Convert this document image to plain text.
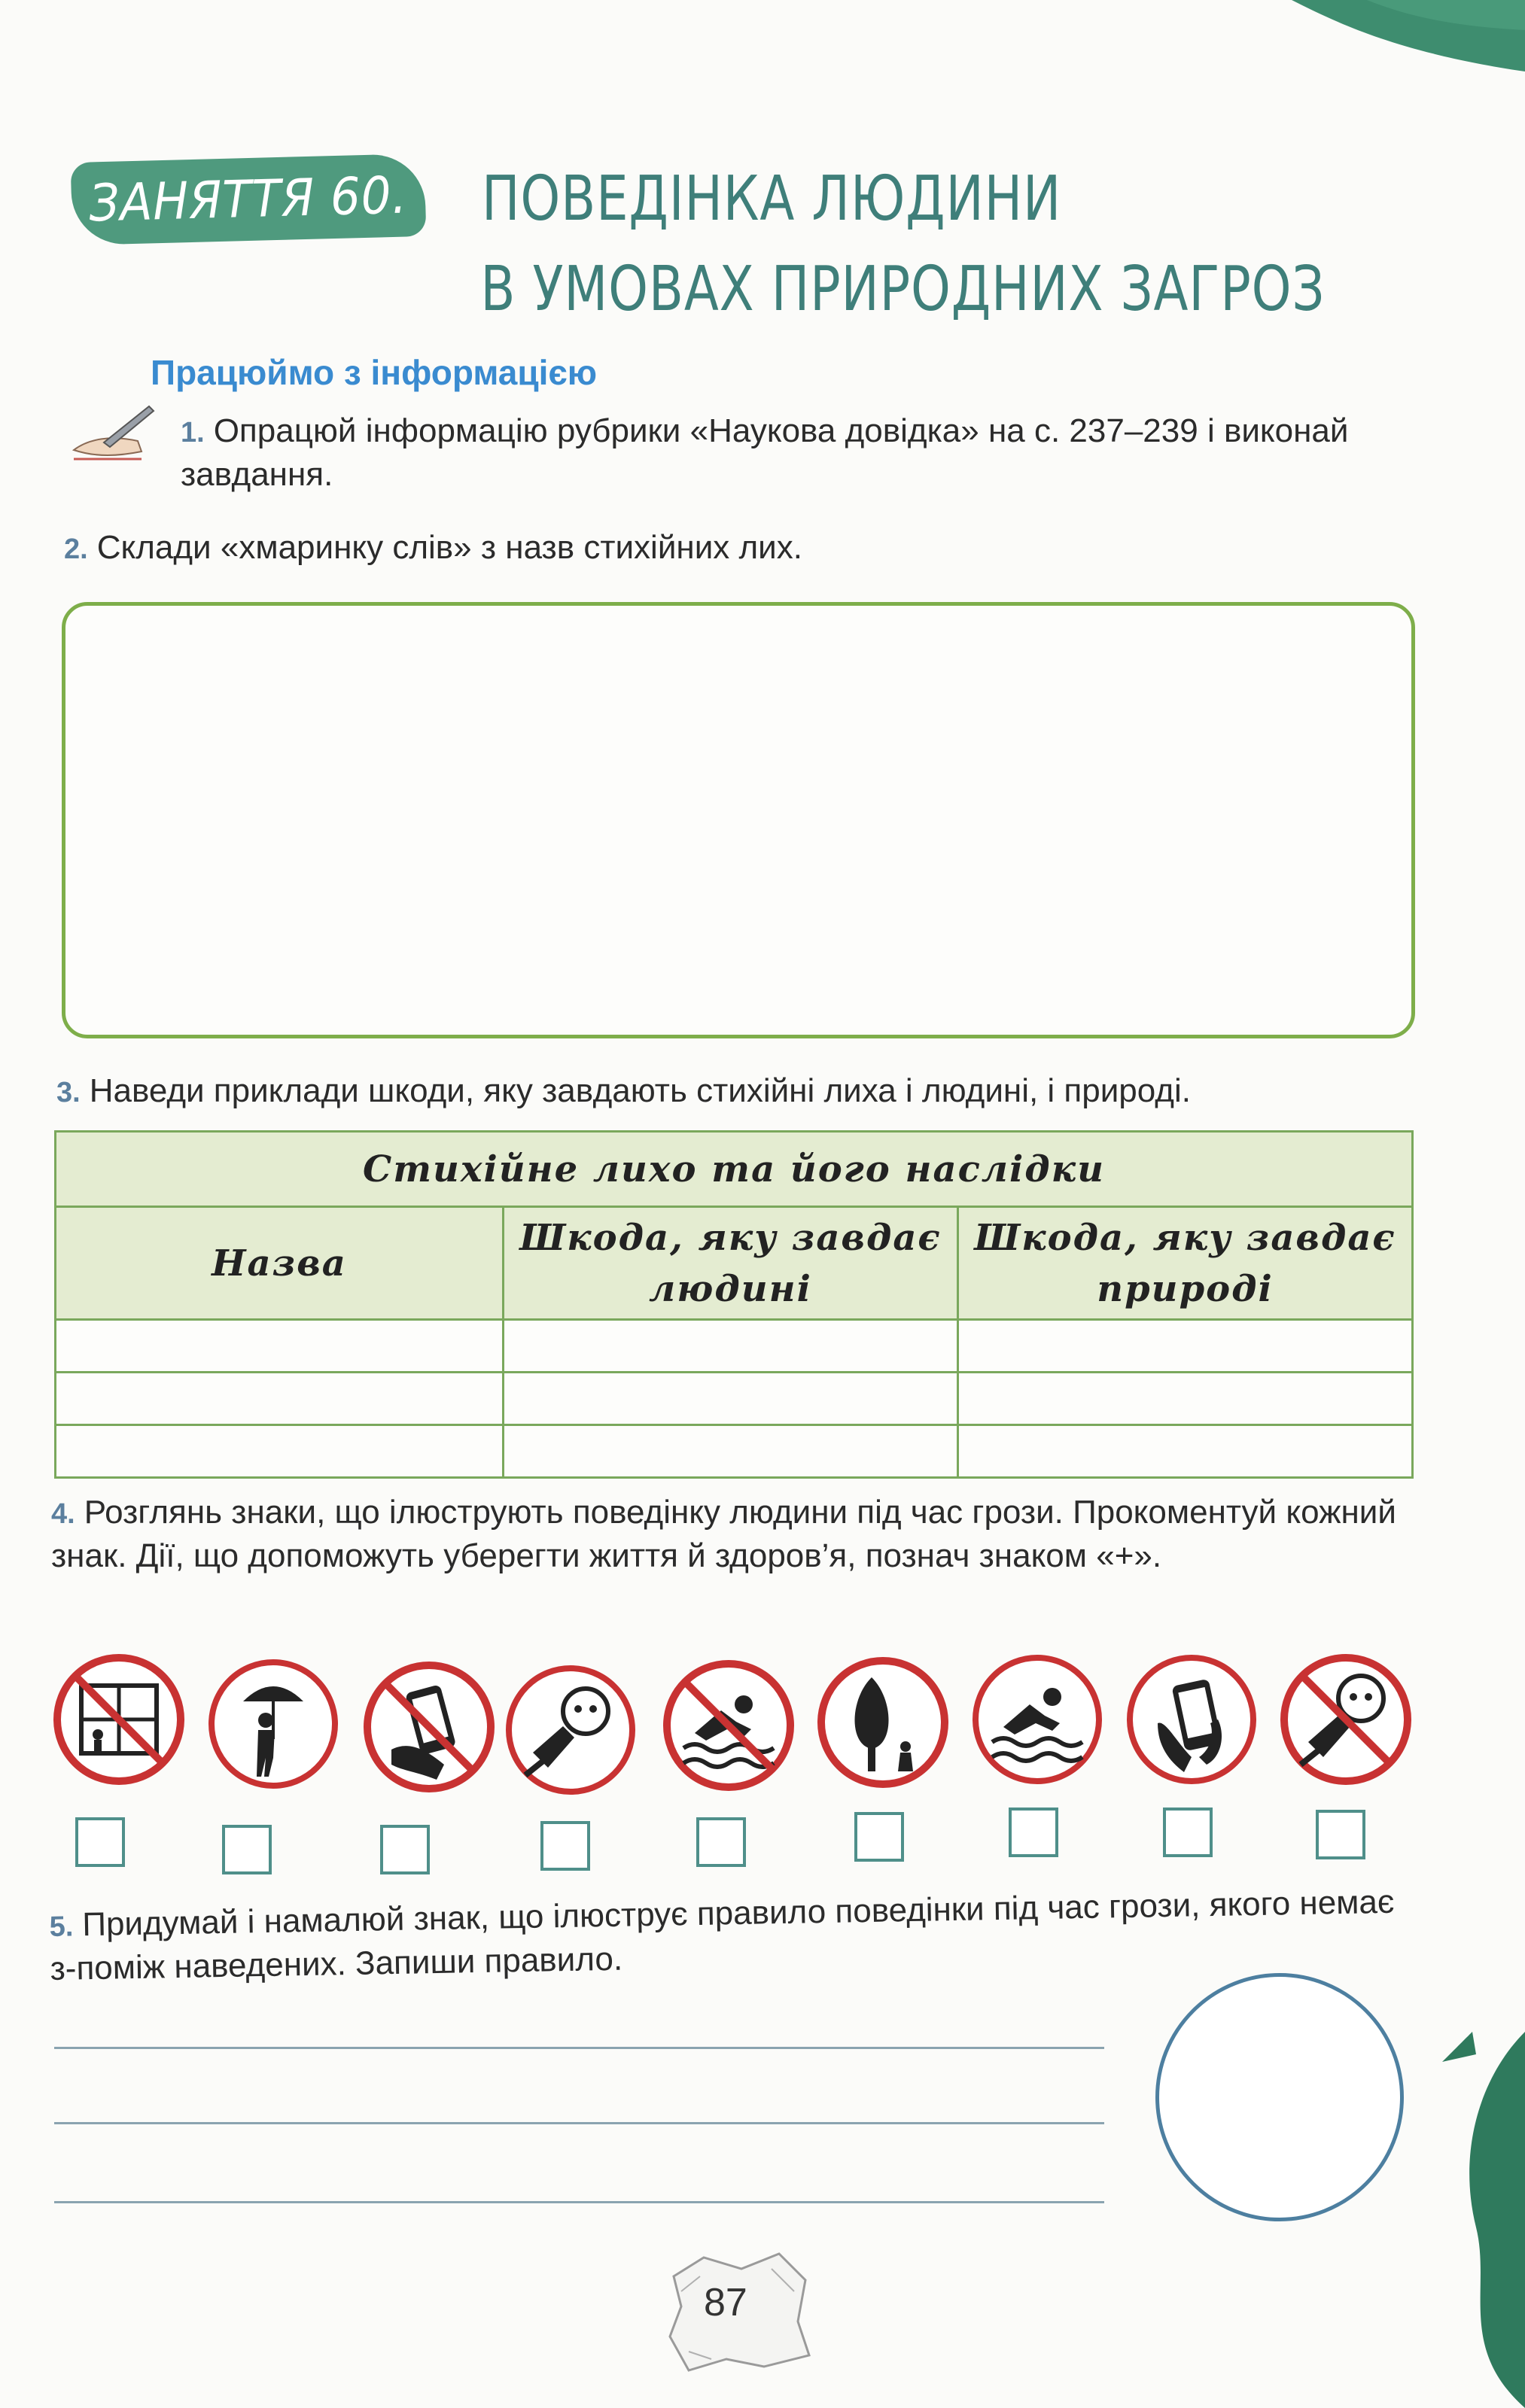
ЗАНЯТТЯ 60. ПОВЕДІНКА ЛЮДИНИ
В УМОВАХ ПРИРОДНИХ ЗАГРОЗ
Працюймо з інформацією
1. Опрацюй інформацію рубрики «Наукова довідка» на с. 237–239 і виконай завдання.
2. Склади «хмаринку слів» з назв стихійних лих.
3. Наведи приклади шкоди, яку завдають стихійні лиха і людині, і природі.
Стихійне лихо та його наслідки		
Назва	Шкода, яку завдає людині	Шкода, яку завдає природі

4. Розглянь знаки, що ілюструють поведінку людини під час грози. Прокоментуй кожний знак. Дії, що допоможуть уберегти життя й здоров’я, познач знаком «+».
5. Придумай і намалюй знак, що ілюструє правило поведінки під час грози, якого немає з-поміж наведених. Запиши правило.
87
